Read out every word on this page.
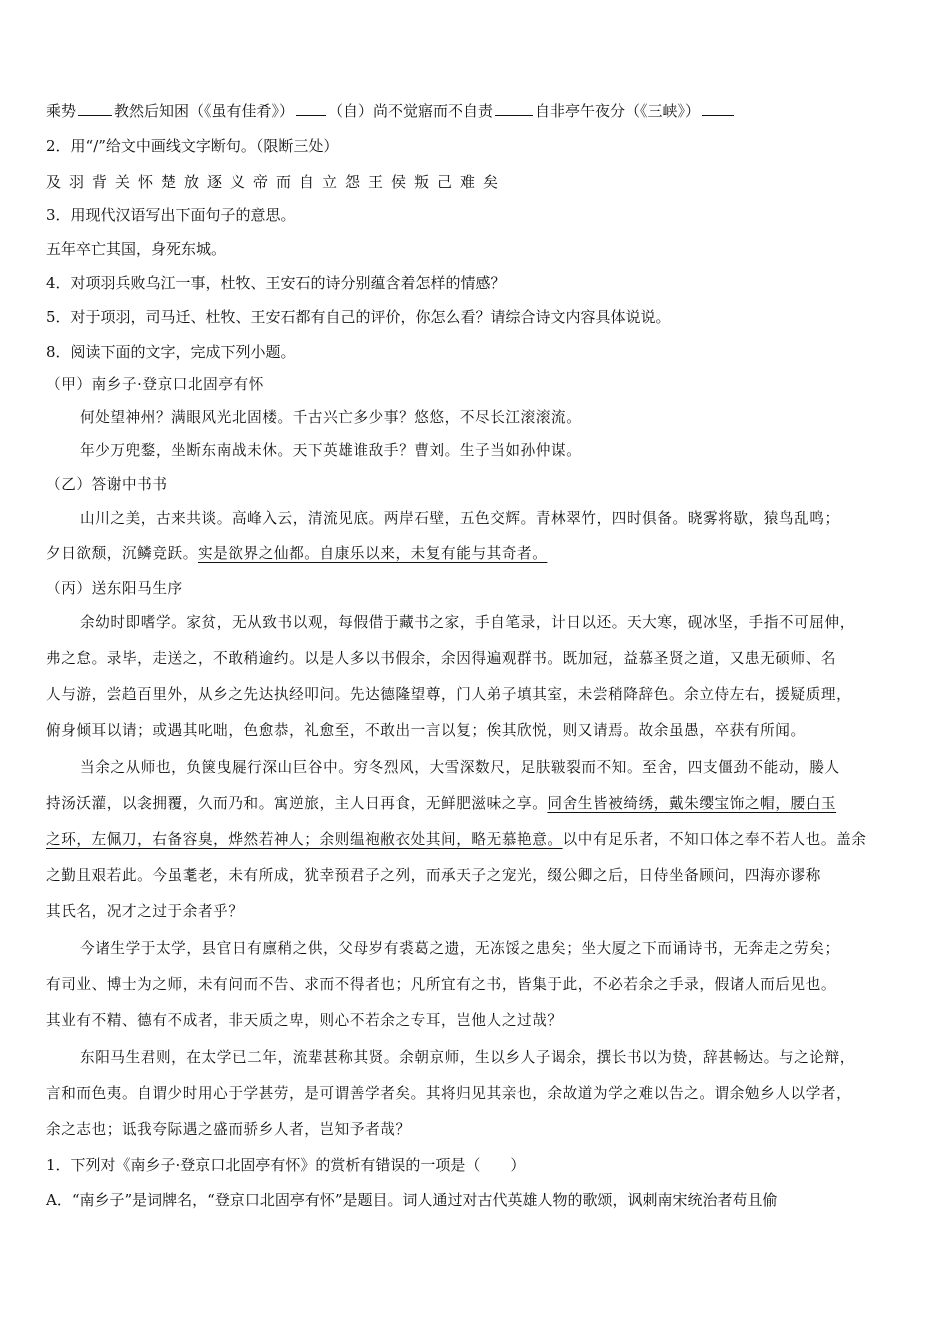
乘势	教然后知困（《虽有佳肴》） （自）尚不觉寤而不自责	自非亭午夜分（《三峡》）
2．用“/”给文中画线文字断句。（限断三处）
及羽背关怀楚放逐义帝而自立怨王侯叛己难矣
3．用现代汉语写出下面句子的意思。
五年卒亡其国，身死东城。
4．对项羽兵败乌江一事，杜牧、王安石的诗分别蕴含着怎样的情感？
5．对于项羽，司马迁、杜牧、王安石都有自己的评价，你怎么看？请综合诗文内容具体说说。
8．阅读下面的文字，完成下列小题。
（甲）南乡子·登京口北固亭有怀
何处望神州？满眼风光北固楼。千古兴亡多少事？悠悠，不尽长江滚滚流。
年少万兜鍪，坐断东南战未休。天下英雄谁敌手？曹刘。生子当如孙仲谋。
（乙）答谢中书书
山川之美，古来共谈。高峰入云，清流见底。两岸石壁，五色交辉。青林翠竹，四时俱备。晓雾将歇，猿鸟乱鸣；
夕日欲颓，沉鳞竞跃。实是欲界之仙都。自康乐以来，未复有能与其奇者。
（丙）送东阳马生序
余幼时即嗜学。家贫，无从致书以观，每假借于藏书之家，手自笔录，计日以还。天大寒，砚冰坚，手指不可屈伸，
弗之怠。录毕，走送之，不敢稍逾约。以是人多以书假余，余因得遍观群书。既加冠，益慕圣贤之道，又患无硕师、名
人与游，尝趋百里外，从乡之先达执经叩问。先达德隆望尊，门人弟子填其室，未尝稍降辞色。余立侍左右，援疑质理，
俯身倾耳以请；或遇其叱咄，色愈恭，礼愈至，不敢出一言以复；俟其欣悦，则又请焉。故余虽愚，卒获有所闻。
当余之从师也，负箧曳屣行深山巨谷中。穷冬烈风，大雪深数尺，足肤皲裂而不知。至舍，四支僵劲不能动，媵人
持汤沃灌，以衾拥覆，久而乃和。寓逆旅，主人日再食，无鲜肥滋味之享。同舍生皆被绮绣，戴朱缨宝饰之帽，腰白玉
之环，左佩刀，右备容臭，烨然若神人；余则缊袍敝衣处其间，略无慕艳意。以中有足乐者，不知口体之奉不若人也。盖余
之勤且艰若此。今虽耄老，未有所成，犹幸预君子之列，而承天子之宠光，缀公卿之后，日侍坐备顾问，四海亦谬称
其氏名，况才之过于余者乎？
今诸生学于太学，县官日有廪稍之供，父母岁有裘葛之遗，无冻馁之患矣；坐大厦之下而诵诗书，无奔走之劳矣；
有司业、博士为之师，未有问而不告、求而不得者也；凡所宜有之书，皆集于此，不必若余之手录，假诸人而后见也。
其业有不精、德有不成者，非天质之卑，则心不若余之专耳，岂他人之过哉？
东阳马生君则，在太学已二年，流辈甚称其贤。余朝京师，生以乡人子谒余，撰长书以为贽，辞甚畅达。与之论辩，
言和而色夷。自谓少时用心于学甚劳，是可谓善学者矣。其将归见其亲也，余故道为学之难以告之。谓余勉乡人以学者，
余之志也；诋我夸际遇之盛而骄乡人者，岂知予者哉？
1．下列对《南乡子·登京口北固亭有怀》的赏析有错误的一项是（　　）
A．“南乡子”是词牌名，“登京口北固亭有怀”是题目。词人通过对古代英雄人物的歌颂，讽刺南宋统治者苟且偷
